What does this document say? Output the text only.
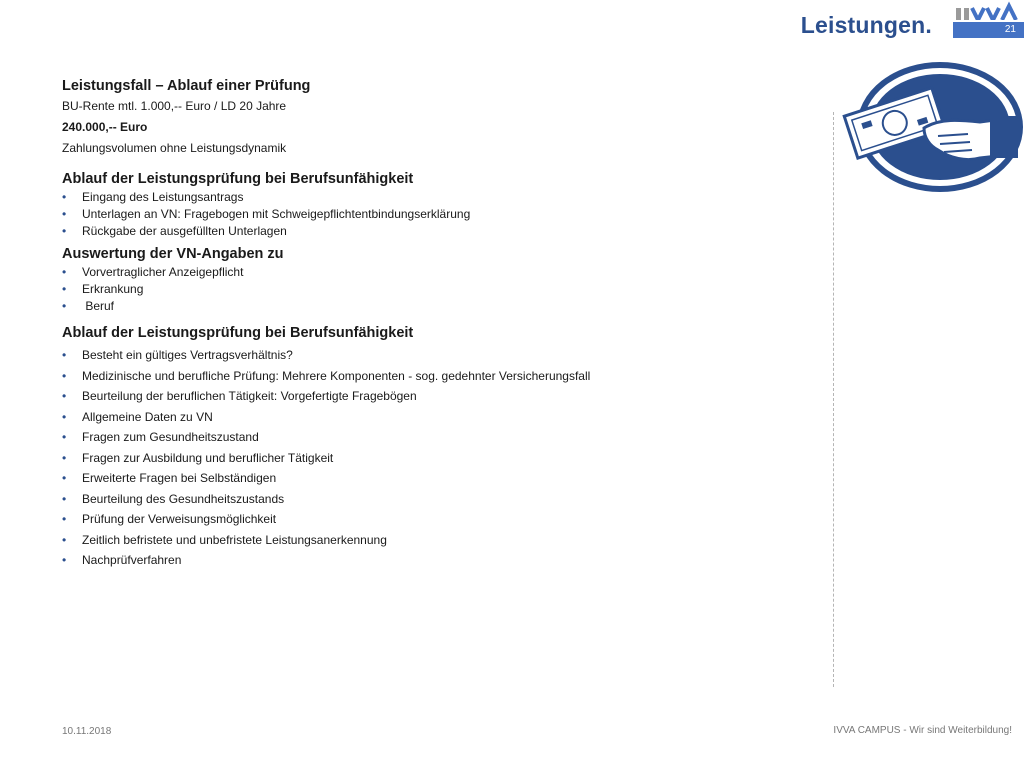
Leistungen.	21

Leistungsfall – Ablauf einer Prüfung

BU-Rente mtl. 1.000,-- Euro / LD 20 Jahre

240.000,-- Euro

Zahlungsvolumen ohne Leistungsdynamik

Ablauf der Leistungsprüfung bei Berufsunfähigkeit

• Eingang des Leistungsantrags
• Unterlagen an VN: Fragebogen mit Schweigepflichtentbindungserklärung
• Rückgabe der ausgefüllten Unterlagen

Auswertung der VN-Angaben zu

• Vorvertraglicher Anzeigepflicht
• Erkrankung
•  Beruf

Ablauf der Leistungsprüfung bei Berufsunfähigkeit

• Besteht ein gültiges Vertragsverhältnis?
• Medizinische und berufliche Prüfung: Mehrere Komponenten - sog. gedehnter Versicherungsfall
• Beurteilung der beruflichen Tätigkeit: Vorgefertigte Fragebögen
• Allgemeine Daten zu VN
• Fragen zum Gesundheitszustand
• Fragen zur Ausbildung und beruflicher Tätigkeit
• Erweiterte Fragen bei Selbständigen
• Beurteilung des Gesundheitszustands
• Prüfung der Verweisungsmöglichkeit
• Zeitlich befristete und unbefristete Leistungsanerkennung
• Nachprüfverfahren
10.11.2018	IVVA CAMPUS - Wir sind Weiterbildung!
